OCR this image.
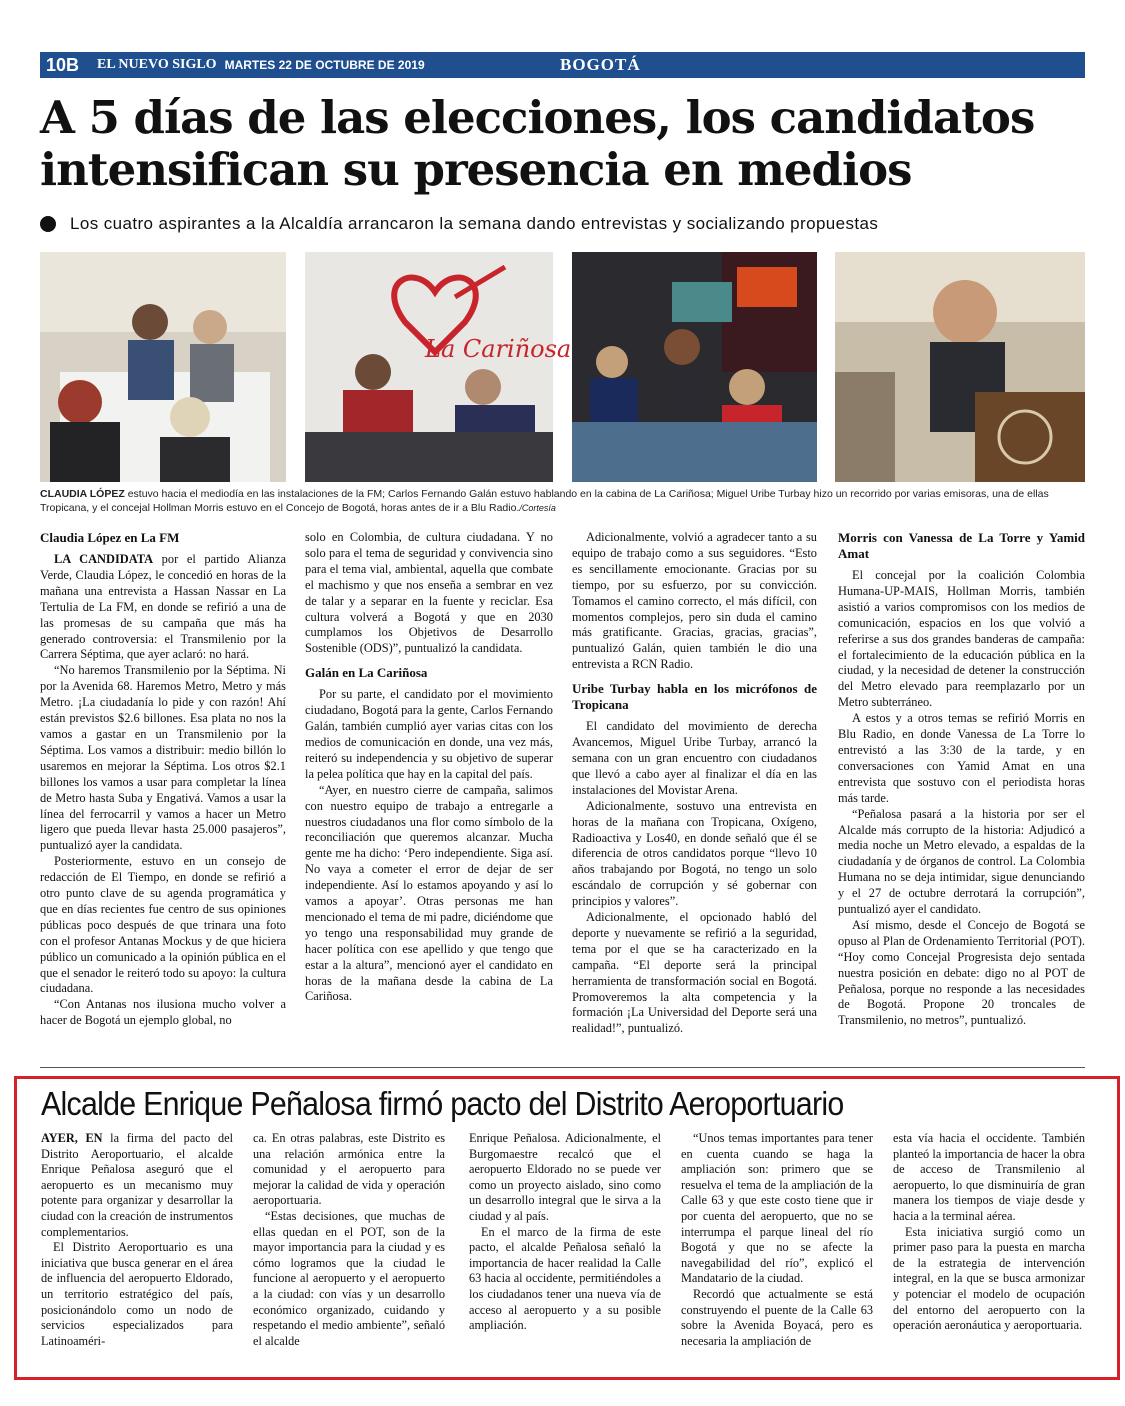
10B	EL NUEVO SIGLO MARTES 22 DE OCTUBRE DE 2019	BOGOTÁ
A 5 días de las elecciones, los candidatos intensifican su presencia en medios
Los cuatro aspirantes a la Alcaldía arrancaron la semana dando entrevistas y socializando propuestas
La Cariñosa
CLAUDIA LÓPEZ estuvo hacia el mediodía en las instalaciones de la FM; Carlos Fernando Galán estuvo hablando en la cabina de La Cariñosa; Miguel Uribe Turbay hizo un recorrido por varias emisoras, una de ellas Tropicana, y el concejal Hollman Morris estuvo en el Concejo de Bogotá, horas antes de ir a Blu Radio./Cortesía
Claudia López en La FM

LA CANDIDATA por el partido Alianza Verde, Claudia López, le concedió en horas de la mañana una entrevista a Hassan Nassar en La Tertulia de La FM, en donde se refirió a una de las promesas de su campaña que más ha generado controversia: el Transmilenio por la Carrera Séptima, que ayer aclaró: no hará.

“No haremos Transmilenio por la Séptima. Ni por la Avenida 68. Haremos Metro, Metro y más Metro. ¡La ciudadanía lo pide y con razón! Ahí están previstos $2.6 billones. Esa plata no nos la vamos a gastar en un Transmilenio por la Séptima. Los vamos a distribuir: medio billón lo usaremos en mejorar la Séptima. Los otros $2.1 billones los vamos a usar para completar la línea de Metro hasta Suba y Engativá. Vamos a usar la línea del ferrocarril y vamos a hacer un Metro ligero que pueda llevar hasta 25.000 pasajeros”, puntualizó ayer la candidata.

Posteriormente, estuvo en un consejo de redacción de El Tiempo, en donde se refirió a otro punto clave de su agenda programática y que en días recientes fue centro de sus opiniones públicas poco después de que trinara una foto con el profesor Antanas Mockus y de que hiciera público un comunicado a la opinión pública en el que el senador le reiteró todo su apoyo: la cultura ciudadana.

“Con Antanas nos ilusiona mucho volver a hacer de Bogotá un ejemplo global, no

solo en Colombia, de cultura ciudadana. Y no solo para el tema de seguridad y convivencia sino para el tema vial, ambiental, aquella que combate el machismo y que nos enseña a sembrar en vez de talar y a separar en la fuente y reciclar. Esa cultura volverá a Bogotá y que en 2030 cumplamos los Objetivos de Desarrollo Sostenible (ODS)”, puntualizó la candidata.

Galán en La Cariñosa

Por su parte, el candidato por el movimiento ciudadano, Bogotá para la gente, Carlos Fernando Galán, también cumplió ayer varias citas con los medios de comunicación en donde, una vez más, reiteró su independencia y su objetivo de superar la pelea política que hay en la capital del país.

“Ayer, en nuestro cierre de campaña, salimos con nuestro equipo de trabajo a entregarle a nuestros ciudadanos una flor como símbolo de la reconciliación que queremos alcanzar. Mucha gente me ha dicho: ‘Pero independiente. Siga así. No vaya a cometer el error de dejar de ser independiente. Así lo estamos apoyando y así lo vamos a apoyar’. Otras personas me han mencionado el tema de mi padre, diciéndome que yo tengo una responsabilidad muy grande de hacer política con ese apellido y que tengo que estar a la altura”, mencionó ayer el candidato en horas de la mañana desde la cabina de La Cariñosa.

Adicionalmente, volvió a agradecer tanto a su equipo de trabajo como a sus seguidores. “Esto es sencillamente emocionante. Gracias por su tiempo, por su esfuerzo, por su convicción. Tomamos el camino correcto, el más difícil, con momentos complejos, pero sin duda el camino más gratificante. Gracias, gracias, gracias”, puntualizó Galán, quien también le dio una entrevista a RCN Radio.

Uribe Turbay habla en los micrófonos de Tropicana

El candidato del movimiento de derecha Avancemos, Miguel Uribe Turbay, arrancó la semana con un gran encuentro con ciudadanos que llevó a cabo ayer al finalizar el día en las instalaciones del Movistar Arena.

Adicionalmente, sostuvo una entrevista en horas de la mañana con Tropicana, Oxígeno, Radioactiva y Los40, en donde señaló que él se diferencia de otros candidatos porque “llevo 10 años trabajando por Bogotá, no tengo un solo escándalo de corrupción y sé gobernar con principios y valores”.

Adicionalmente, el opcionado habló del deporte y nuevamente se refirió a la seguridad, tema por el que se ha caracterizado en la campaña. “El deporte será la principal herramienta de transformación social en Bogotá. Promoveremos la alta competencia y la formación ¡La Universidad del Deporte será una realidad!”, puntualizó.

Morris con Vanessa de La Torre y Yamid Amat

El concejal por la coalición Colombia Humana-UP-MAIS, Hollman Morris, también asistió a varios compromisos con los medios de comunicación, espacios en los que volvió a referirse a sus dos grandes banderas de campaña: el fortalecimiento de la educación pública en la ciudad, y la necesidad de detener la construcción del Metro elevado para reemplazarlo por un Metro subterráneo.

A estos y a otros temas se refirió Morris en Blu Radio, en donde Vanessa de La Torre lo entrevistó a las 3:30 de la tarde, y en conversaciones con Yamid Amat en una entrevista que sostuvo con el periodista horas más tarde.

“Peñalosa pasará a la historia por ser el Alcalde más corrupto de la historia: Adjudicó a media noche un Metro elevado, a espaldas de la ciudadanía y de órganos de control. La Colombia Humana no se deja intimidar, sigue denunciando y el 27 de octubre derrotará la corrupción”, puntualizó ayer el candidato.

Así mismo, desde el Concejo de Bogotá se opuso al Plan de Ordenamiento Territorial (POT). “Hoy como Concejal Progresista dejo sentada nuestra posición en debate: digo no al POT de Peñalosa, porque no responde a las necesidades de Bogotá. Propone 20 troncales de Transmilenio, no metros”, puntualizó.

Alcalde Enrique Peñalosa firmó pacto del Distrito Aeroportuario

AYER, EN la firma del pacto del Distrito Aeroportuario, el alcalde Enrique Peñalosa aseguró que el aeropuerto es un mecanismo muy potente para organizar y desarrollar la ciudad con la creación de instrumentos complementarios.

El Distrito Aeroportuario es una iniciativa que busca generar en el área de influencia del aeropuerto Eldorado, un territorio estratégico del país, posicionándolo como un nodo de servicios especializados para Latinoaméri-

ca. En otras palabras, este Distrito es una relación armónica entre la comunidad y el aeropuerto para mejorar la calidad de vida y operación aeroportuaria.

“Estas decisiones, que muchas de ellas quedan en el POT, son de la mayor importancia para la ciudad y es cómo logramos que la ciudad le funcione al aeropuerto y el aeropuerto a la ciudad: con vías y un desarrollo económico organizado, cuidando y respetando el medio ambiente”, señaló el alcalde

Enrique Peñalosa. Adicionalmente, el Burgomaestre recalcó que el aeropuerto Eldorado no se puede ver como un proyecto aislado, sino como un desarrollo integral que le sirva a la ciudad y al país.

En el marco de la firma de este pacto, el alcalde Peñalosa señaló la importancia de hacer realidad la Calle 63 hacia al occidente, permitiéndoles a los ciudadanos tener una nueva vía de acceso al aeropuerto y a su posible ampliación.

“Unos temas importantes para tener en cuenta cuando se haga la ampliación son: primero que se resuelva el tema de la ampliación de la Calle 63 y que este costo tiene que ir por cuenta del aeropuerto, que no se interrumpa el parque lineal del río Bogotá y que no se afecte la navegabilidad del río”, explicó el Mandatario de la ciudad.

Recordó que actualmente se está construyendo el puente de la Calle 63 sobre la Avenida Boyacá, pero es necesaria la ampliación de

esta vía hacia el occidente. También planteó la importancia de hacer la obra de acceso de Transmilenio al aeropuerto, lo que disminuiría de gran manera los tiempos de viaje desde y hacia a la terminal aérea.

Esta iniciativa surgió como un primer paso para la puesta en marcha de la estrategia de intervención integral, en la que se busca armonizar y potenciar el modelo de ocupación del entorno del aeropuerto con la operación aeronáutica y aeroportuaria.
